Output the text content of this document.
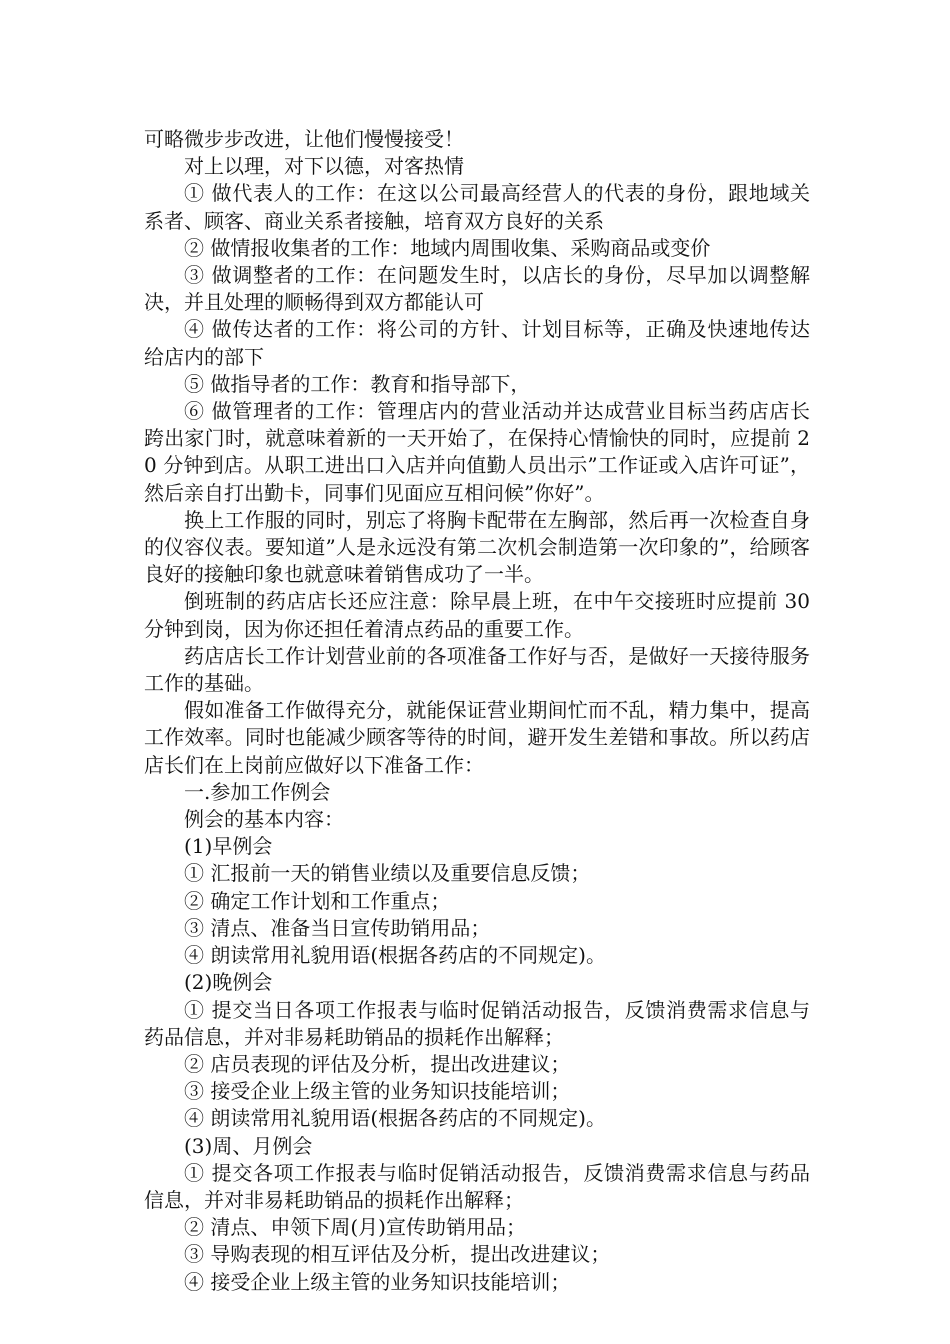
可略微步步改进，让他们慢慢接受！

对上以理，对下以德，对客热情

① 做代表人的工作：在这以公司最高经营人的代表的身份，跟地域关系者、顾客、商业关系者接触，培育双方良好的关系

② 做情报收集者的工作：地域内周围收集、采购商品或变价

③ 做调整者的工作：在问题发生时，以店长的身份，尽早加以调整解决，并且处理的顺畅得到双方都能认可

④ 做传达者的工作：将公司的方针、计划目标等，正确及快速地传达给店内的部下

⑤ 做指导者的工作：教育和指导部下，

⑥ 做管理者的工作：管理店内的营业活动并达成营业目标当药店店长跨出家门时，就意味着新的一天开始了，在保持心情愉快的同时，应提前 20 分钟到店。从职工进出口入店并向值勤人员出示”工作证或入店许可证”，然后亲自打出勤卡，同事们见面应互相问候”你好”。

换上工作服的同时，别忘了将胸卡配带在左胸部，然后再一次检查自身的仪容仪表。要知道”人是永远没有第二次机会制造第一次印象的”，给顾客良好的接触印象也就意味着销售成功了一半。

倒班制的药店店长还应注意：除早晨上班，在中午交接班时应提前 30 分钟到岗，因为你还担任着清点药品的重要工作。

药店店长工作计划营业前的各项准备工作好与否，是做好一天接待服务工作的基础。

假如准备工作做得充分，就能保证营业期间忙而不乱，精力集中，提高工作效率。同时也能减少顾客等待的时间，避开发生差错和事故。所以药店店长们在上岗前应做好以下准备工作：

一.参加工作例会

例会的基本内容：

(1)早例会

① 汇报前一天的销售业绩以及重要信息反馈；

② 确定工作计划和工作重点；

③ 清点、准备当日宣传助销用品；

④ 朗读常用礼貌用语(根据各药店的不同规定)。

(2)晚例会

① 提交当日各项工作报表与临时促销活动报告，反馈消费需求信息与药品信息，并对非易耗助销品的损耗作出解释；

② 店员表现的评估及分析，提出改进建议；

③ 接受企业上级主管的业务知识技能培训；

④ 朗读常用礼貌用语(根据各药店的不同规定)。

(3)周、月例会

① 提交各项工作报表与临时促销活动报告，反馈消费需求信息与药品信息，并对非易耗助销品的损耗作出解释；

② 清点、申领下周(月)宣传助销用品；

③ 导购表现的相互评估及分析，提出改进建议；

④ 接受企业上级主管的业务知识技能培训；
